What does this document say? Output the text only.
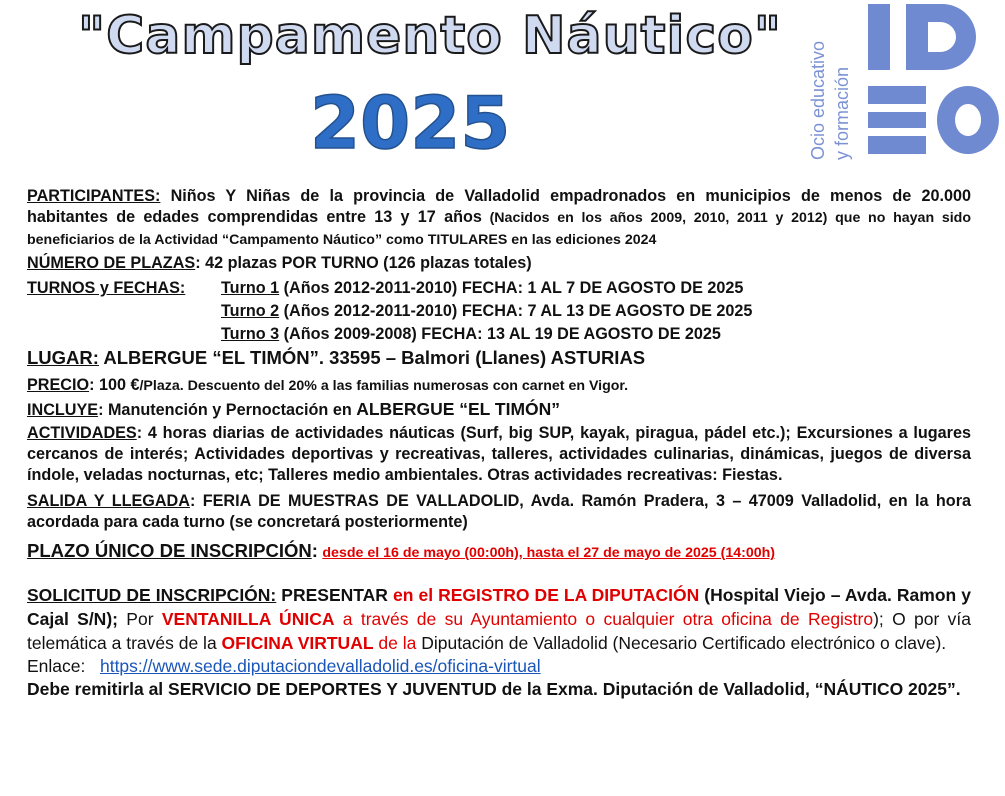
"Campamento Náutico"
2025	Ocio educativo y formación

PARTICIPANTES: Niños Y Niñas de la provincia de Valladolid empadronados en municipios de menos de 20.000 habitantes de edades comprendidas entre 13 y 17 años (Nacidos en los años 2009, 2010, 2011 y 2012) que no hayan sido beneficiarios de la Actividad “Campamento Náutico” como TITULARES en las ediciones 2024

NÚMERO DE PLAZAS: 42 plazas POR TURNO (126 plazas totales)

TURNOS y FECHAS:	Turno 1 (Años 2012-2011-2010) FECHA: 1 AL 7 DE AGOSTO DE 2025

Turno 2 (Años 2012-2011-2010) FECHA: 7 AL 13 DE AGOSTO DE 2025

Turno 3 (Años 2009-2008) FECHA: 13 AL 19 DE AGOSTO DE 2025

LUGAR: ALBERGUE “EL TIMÓN”. 33595 – Balmori (Llanes) ASTURIAS

PRECIO: 100 €/Plaza. Descuento del 20% a las familias numerosas con carnet en Vigor.

INCLUYE: Manutención y Pernoctación en ALBERGUE “EL TIMÓN”

ACTIVIDADES: 4 horas diarias de actividades náuticas (Surf, big SUP, kayak, piragua, pádel etc.); Excursiones a lugares cercanos de interés; Actividades deportivas y recreativas, talleres, actividades culinarias, dinámicas, juegos de diversa índole, veladas nocturnas, etc; Talleres medio ambientales. Otras actividades recreativas: Fiestas.

SALIDA Y LLEGADA: FERIA DE MUESTRAS DE VALLADOLID, Avda. Ramón Pradera, 3 – 47009 Valladolid, en la hora acordada para cada turno (se concretará posteriormente)

PLAZO ÚNICO DE INSCRIPCIÓN: desde el 16 de mayo (00:00h), hasta el 27 de mayo de 2025 (14:00h)

SOLICITUD DE INSCRIPCIÓN: PRESENTAR en el REGISTRO DE LA DIPUTACIÓN (Hospital Viejo – Avda. Ramon y Cajal S/N); Por VENTANILLA ÚNICA a través de su Ayuntamiento o cualquier otra oficina de Registro); O por vía telemática a través de la OFICINA VIRTUAL de la Diputación de Valladolid (Necesario Certificado electrónico o clave).

Enlace: https://www.sede.diputaciondevalladolid.es/oficina-virtual

Debe remitirla al SERVICIO DE DEPORTES Y JUVENTUD de la Exma. Diputación de Valladolid, “NÁUTICO 2025”.
